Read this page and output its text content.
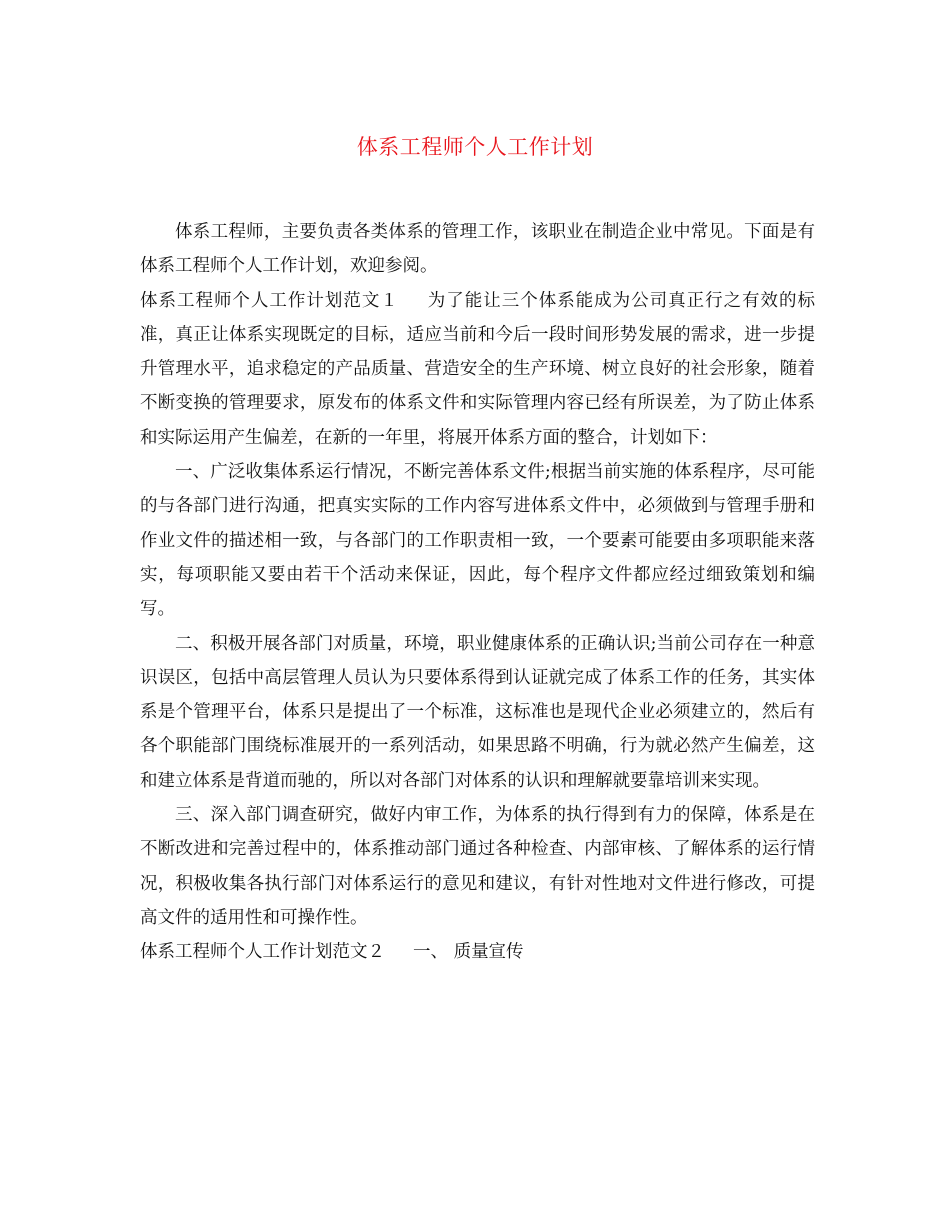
体系工程师个人工作计划

体系工程师，主要负责各类体系的管理工作，该职业在制造企业中常见。下面是有体系工程师个人工作计划，欢迎参阅。

体系工程师个人工作计划范文１ 为了能让三个体系能成为公司真正行之有效的标准，真正让体系实现既定的目标，适应当前和今后一段时间形势发展的需求，进一步提升管理水平，追求稳定的产品质量、营造安全的生产环境、树立良好的社会形象，随着不断变换的管理要求，原发布的体系文件和实际管理内容已经有所误差，为了防止体系和实际运用产生偏差，在新的一年里，将展开体系方面的整合，计划如下：

一、广泛收集体系运行情况，不断完善体系文件;根据当前实施的体系程序，尽可能的与各部门进行沟通，把真实实际的工作内容写进体系文件中，必须做到与管理手册和作业文件的描述相一致，与各部门的工作职责相一致，一个要素可能要由多项职能来落实，每项职能又要由若干个活动来保证，因此，每个程序文件都应经过细致策划和编写。

二、积极开展各部门对质量，环境，职业健康体系的正确认识;当前公司存在一种意识误区，包括中高层管理人员认为只要体系得到认证就完成了体系工作的任务，其实体系是个管理平台，体系只是提出了一个标准，这标准也是现代企业必须建立的，然后有各个职能部门围绕标准展开的一系列活动，如果思路不明确，行为就必然产生偏差，这和建立体系是背道而驰的，所以对各部门对体系的认识和理解就要靠培训来实现。

三、深入部门调查研究，做好内审工作，为体系的执行得到有力的保障，体系是在不断改进和完善过程中的，体系推动部门通过各种检查、内部审核、了解体系的运行情况，积极收集各执行部门对体系运行的意见和建议，有针对性地对文件进行修改，可提高文件的适用性和可操作性。

体系工程师个人工作计划范文２ 一、 质量宣传
